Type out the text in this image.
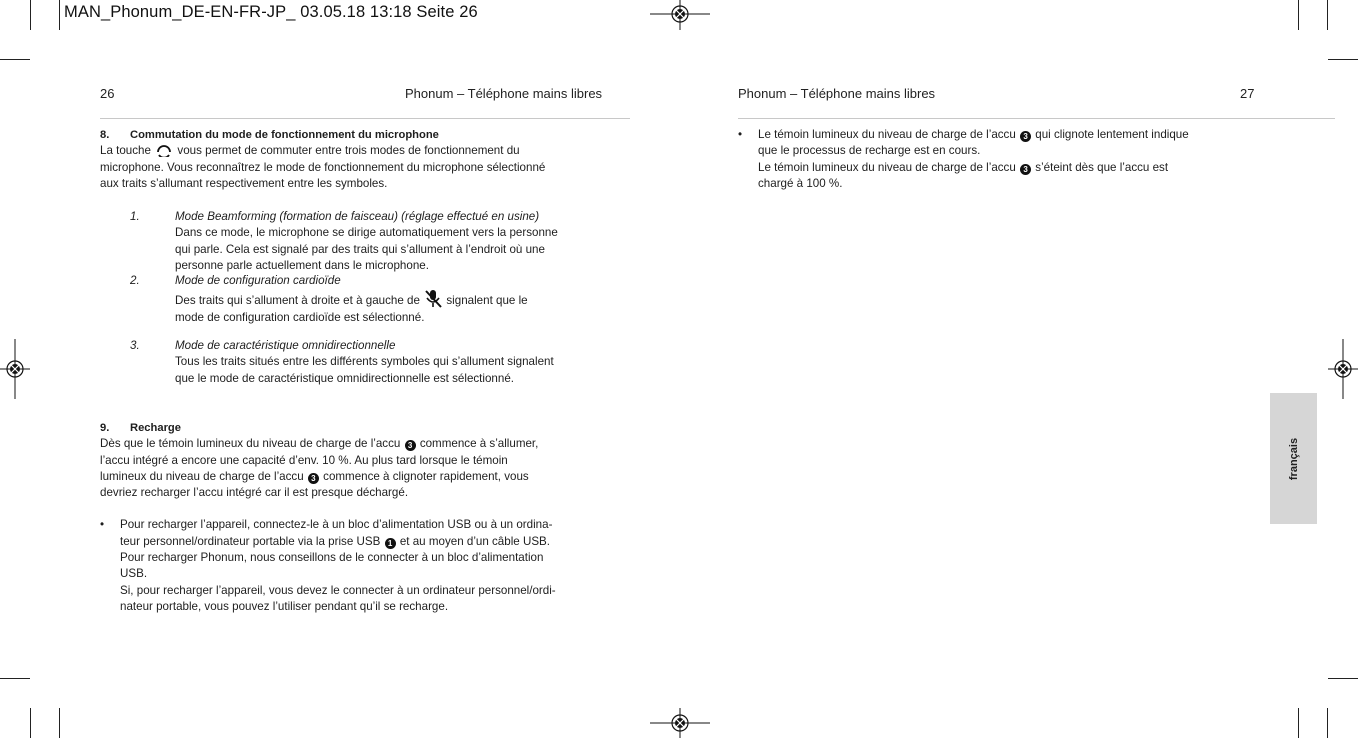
MAN_Phonum_DE-EN-FR-JP_ 03.05.18 13:18 Seite 26
26	Phonum – Téléphone mains libres	Phonum – Téléphone mains libres	27

8. Commutation du mode de fonctionnement du microphone

La touche vous permet de commuter entre trois modes de fonctionnement du
microphone. Vous reconnaîtrez le mode de fonctionnement du microphone sélectionné
aux traits s’allumant respectivement entre les symboles.

1.	Mode Beamforming (formation de faisceau) (réglage effectué en usine)

Dans ce mode, le microphone se dirige automatiquement vers la personne

qui parle. Cela est signalé par des traits qui s’allument à l’endroit où une

personne parle actuellement dans le microphone.

2.	Mode de configuration cardioïde

Des traits qui s’allument à droite et à gauche de signalent que le

mode de configuration cardioïde est sélectionné.

3.	Mode de caractéristique omnidirectionnelle

Tous les traits situés entre les différents symboles qui s’allument signalent

que le mode de caractéristique omnidirectionnelle est sélectionné.

9. Recharge

Dès que le témoin lumineux du niveau de charge de l’accu 3 commence à s’allumer,
l’accu intégré a encore une capacité d’env. 10 %. Au plus tard lorsque le témoin
lumineux du niveau de charge de l’accu 3 commence à clignoter rapidement, vous
devriez recharger l’accu intégré car il est presque déchargé.

• Pour recharger l’appareil, connectez-le à un bloc d’alimentation USB ou à un ordina-
teur personnel/ordinateur portable via la prise USB 1 et au moyen d’un câble USB.
Pour recharger Phonum, nous conseillons de le connecter à un bloc d’alimentation
USB.
Si, pour recharger l’appareil, vous devez le connecter à un ordinateur personnel/ordi-
nateur portable, vous pouvez l’utiliser pendant qu’il se recharge.

• Le témoin lumineux du niveau de charge de l’accu 3 qui clignote lentement indique
que le processus de recharge est en cours.
Le témoin lumineux du niveau de charge de l’accu 3 s’éteint dès que l’accu est
chargé à 100 %.

français
